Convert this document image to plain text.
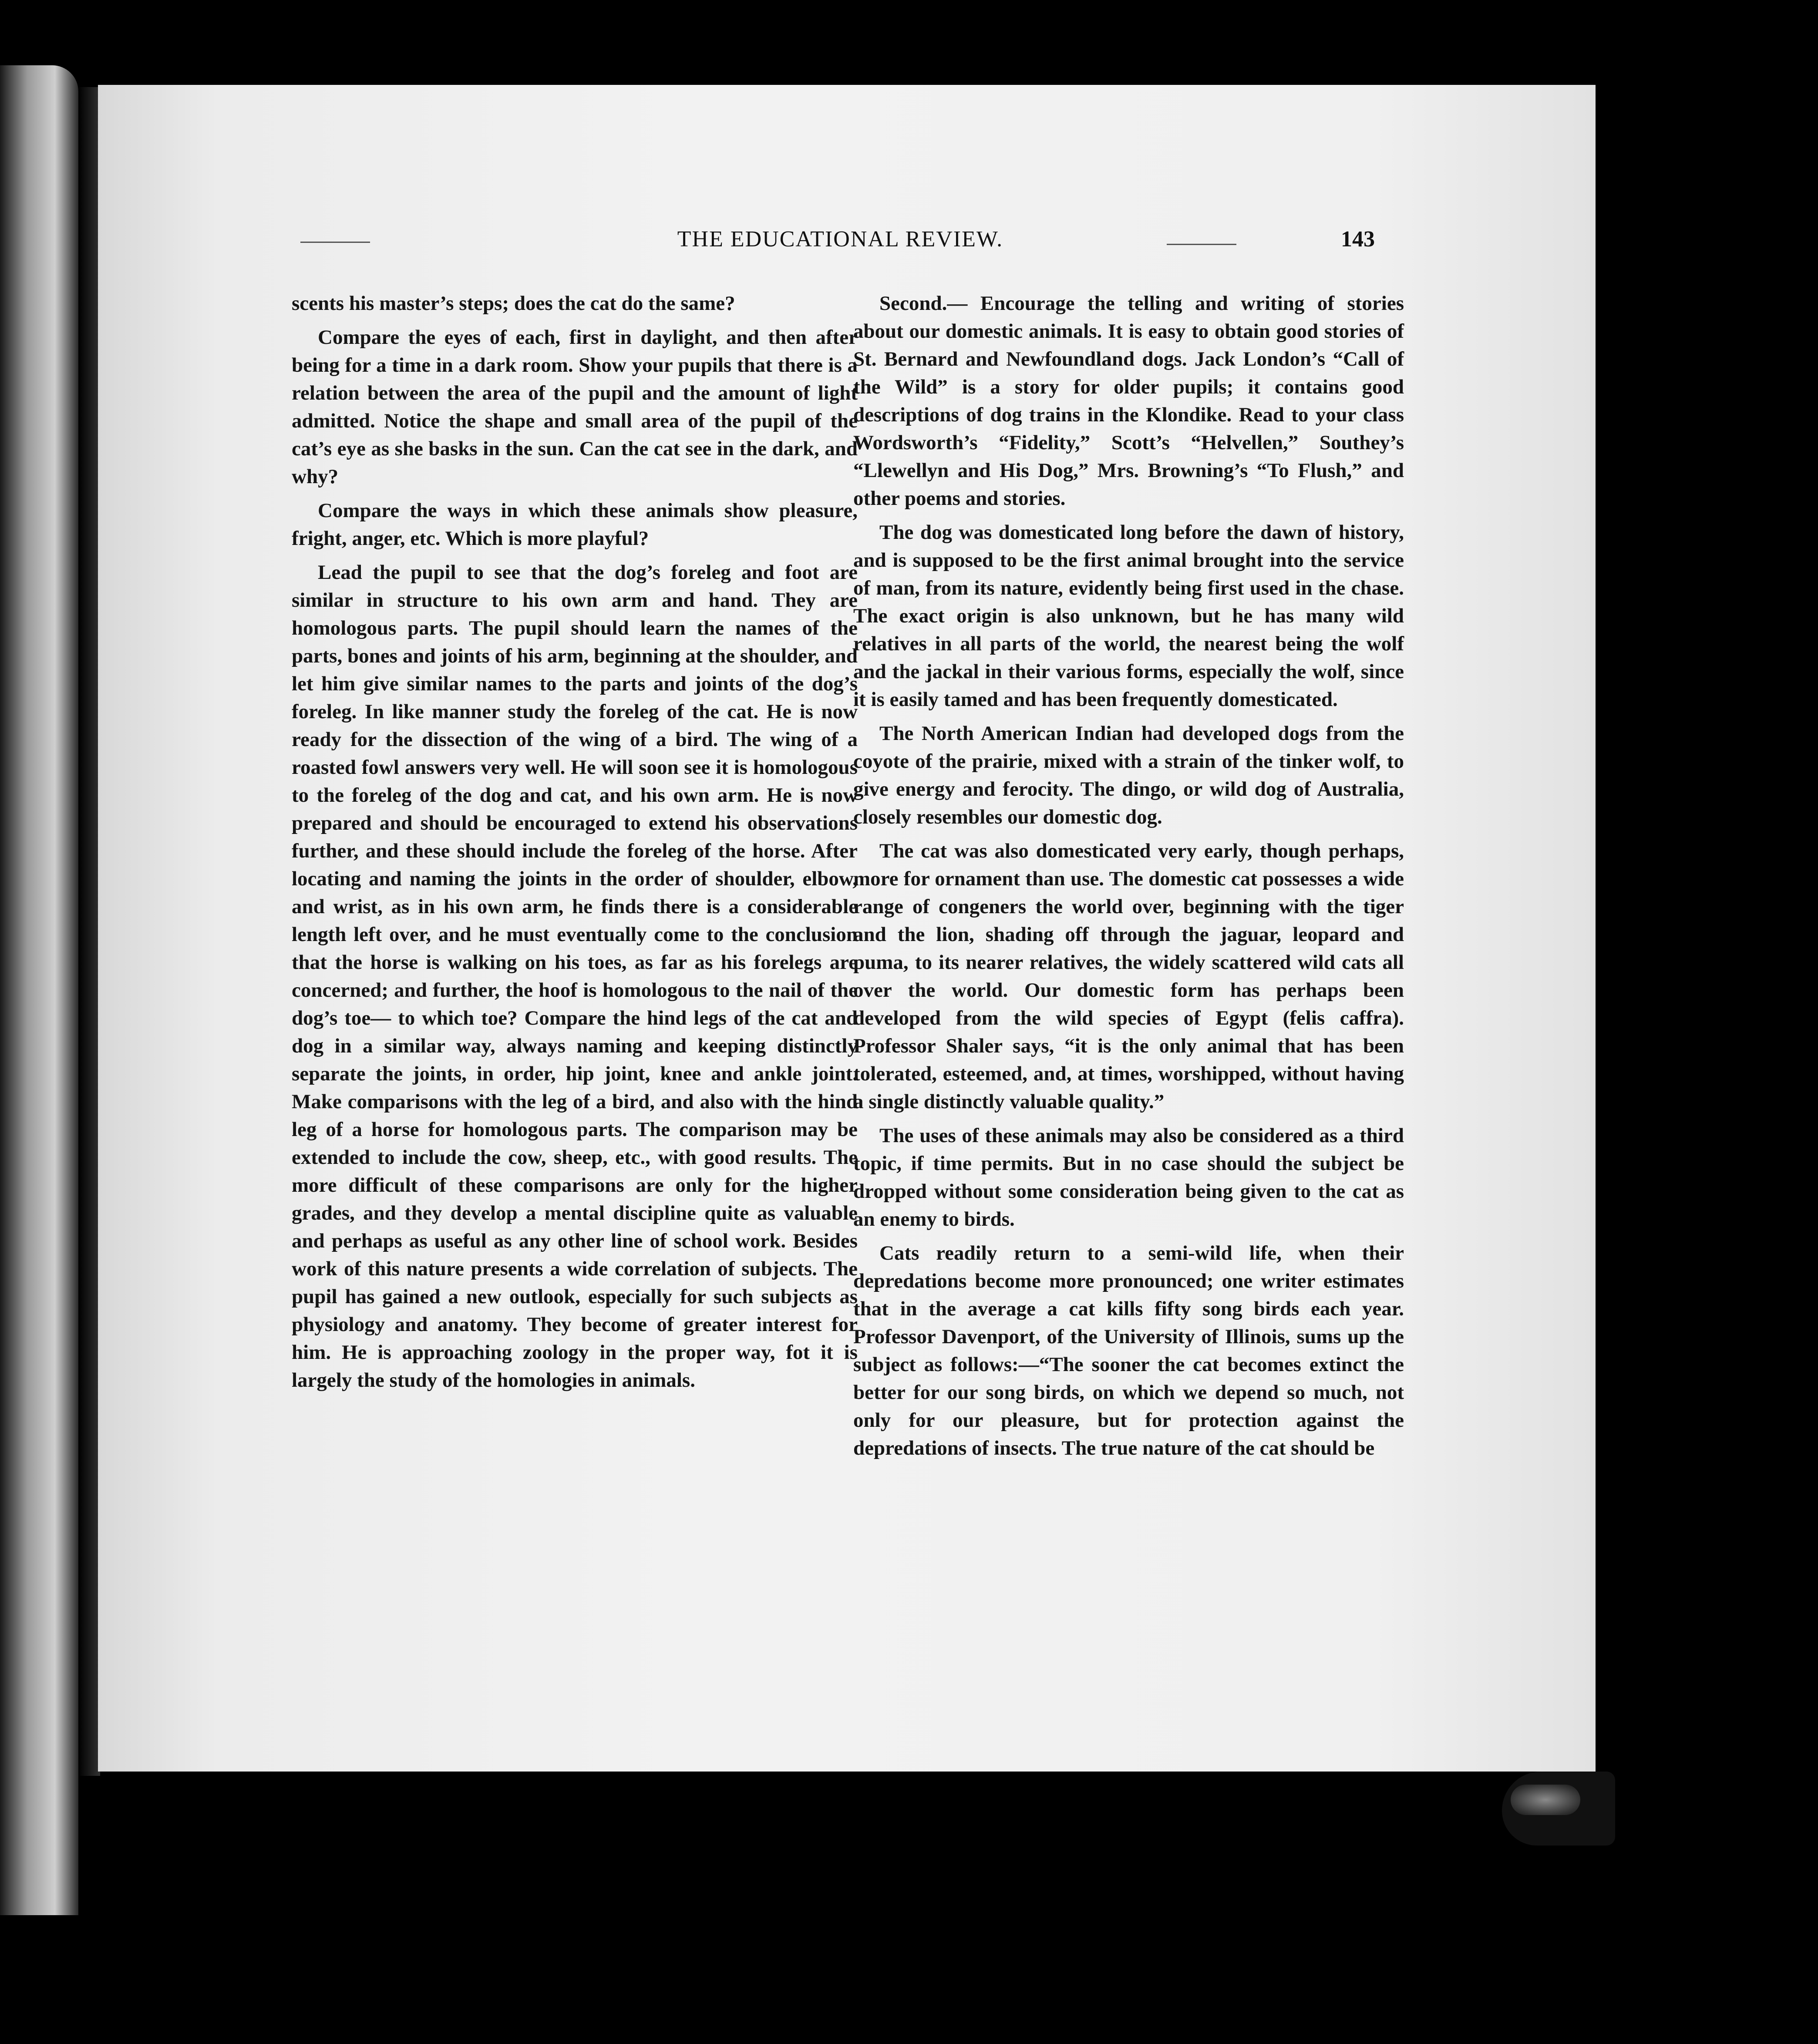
THE EDUCATIONAL REVIEW.	143

scents his master’s steps; does the cat do the same?

Compare the eyes of each, first in daylight, and then after being for a time in a dark room. Show your pupils that there is a relation between the area of the pupil and the amount of light admitted. Notice the shape and small area of the pupil of the cat’s eye as she basks in the sun. Can the cat see in the dark, and why?

Compare the ways in which these animals show pleasure, fright, anger, etc. Which is more playful?

Lead the pupil to see that the dog’s foreleg and foot are similar in structure to his own arm and hand. They are homologous parts. The pupil should learn the names of the parts, bones and joints of his arm, beginning at the shoulder, and let him give similar names to the parts and joints of the dog’s foreleg. In like manner study the foreleg of the cat. He is now ready for the dissection of the wing of a bird. The wing of a roasted fowl answers very well. He will soon see it is homologous to the foreleg of the dog and cat, and his own arm. He is now prepared and should be encouraged to extend his observations further, and these should include the foreleg of the horse. After locating and naming the joints in the order of shoulder, elbow, and wrist, as in his own arm, he finds there is a considerable length left over, and he must eventually come to the conclusion that the horse is walking on his toes, as far as his forelegs are concerned; and further, the hoof is homologous to the nail of the dog’s toe— to which toe? Compare the hind legs of the cat and dog in a similar way, always naming and keeping distinctly separate the joints, in order, hip joint, knee and ankle joint. Make comparisons with the leg of a bird, and also with the hind leg of a horse for homologous parts. The comparison may be extended to include the cow, sheep, etc., with good results. The more difficult of these comparisons are only for the higher grades, and they develop a mental discipline quite as valuable and perhaps as useful as any other line of school work. Besides work of this nature presents a wide correlation of subjects. The pupil has gained a new outlook, especially for such subjects as physiology and anatomy. They become of greater interest for him. He is approaching zoology in the proper way, fot it is largely the study of the homologies in animals.

Second.— Encourage the telling and writing of stories about our domestic animals. It is easy to obtain good stories of St. Bernard and Newfoundland dogs. Jack London’s “Call of the Wild” is a story for older pupils; it contains good descriptions of dog trains in the Klondike. Read to your class Wordsworth’s “Fidelity,” Scott’s “Helvellen,” Southey’s “Llewellyn and His Dog,” Mrs. Browning’s “To Flush,” and other poems and stories.

The dog was domesticated long before the dawn of history, and is supposed to be the first animal brought into the service of man, from its nature, evidently being first used in the chase. The exact origin is also unknown, but he has many wild relatives in all parts of the world, the nearest being the wolf and the jackal in their various forms, especially the wolf, since it is easily tamed and has been frequently domesticated.

The North American Indian had developed dogs from the coyote of the prairie, mixed with a strain of the tinker wolf, to give energy and ferocity. The dingo, or wild dog of Australia, closely resembles our domestic dog.

The cat was also domesticated very early, though perhaps, more for ornament than use. The domestic cat possesses a wide range of congeners the world over, beginning with the tiger and the lion, shading off through the jaguar, leopard and puma, to its nearer relatives, the widely scattered wild cats all over the world. Our domestic form has perhaps been developed from the wild species of Egypt (felis caffra). Professor Shaler says, “it is the only animal that has been tolerated, esteemed, and, at times, worshipped, without having a single distinctly valuable quality.”

The uses of these animals may also be considered as a third topic, if time permits. But in no case should the subject be dropped without some consideration being given to the cat as an enemy to birds.

Cats readily return to a semi-wild life, when their depredations become more pronounced; one writer estimates that in the average a cat kills fifty song birds each year. Professor Davenport, of the University of Illinois, sums up the subject as follows:—“The sooner the cat becomes extinct the better for our song birds, on which we depend so much, not only for our pleasure, but for protection against the depredations of insects. The true nature of the cat should be
